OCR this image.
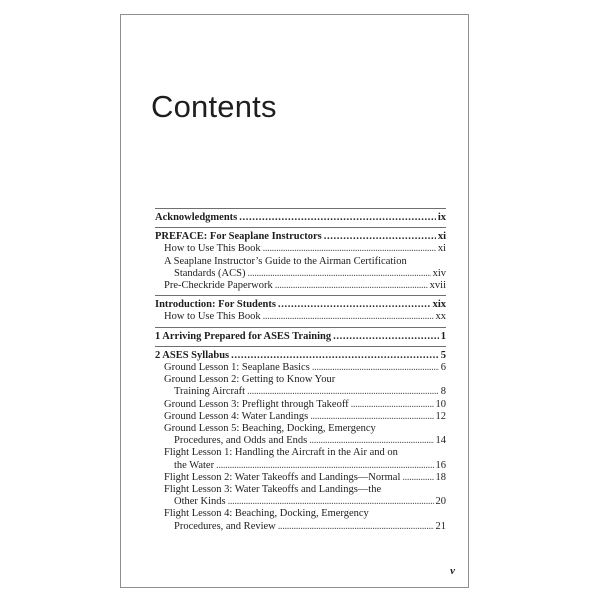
Contents
Acknowledgments . . .	ix
PREFACE: For Seaplane Instructors . . .	xi
How to Use This Book . . .	xi
A Seaplane Instructor’s Guide to the Airman Certification
Standards (ACS) . . .	xiv
Pre-Checkride Paperwork . . .	xvii
Introduction: For Students . . .	xix
How to Use This Book . . .	xx
1 Arriving Prepared for ASES Training . . .	1
2 ASES Syllabus . . .	5
Ground Lesson 1: Seaplane Basics . . .	6
Ground Lesson 2: Getting to Know Your
Training Aircraft . . .	8
Ground Lesson 3: Preflight through Takeoff . . .	10
Ground Lesson 4: Water Landings . . .	12
Ground Lesson 5: Beaching, Docking, Emergency
Procedures, and Odds and Ends . . .	14
Flight Lesson 1: Handling the Aircraft in the Air and on
the Water . . .	16
Flight Lesson 2: Water Takeoffs and Landings—Normal . . .	18
Flight Lesson 3: Water Takeoffs and Landings—the
Other Kinds . . .	20
Flight Lesson 4: Beaching, Docking, Emergency
Procedures, and Review . . .	21
v
